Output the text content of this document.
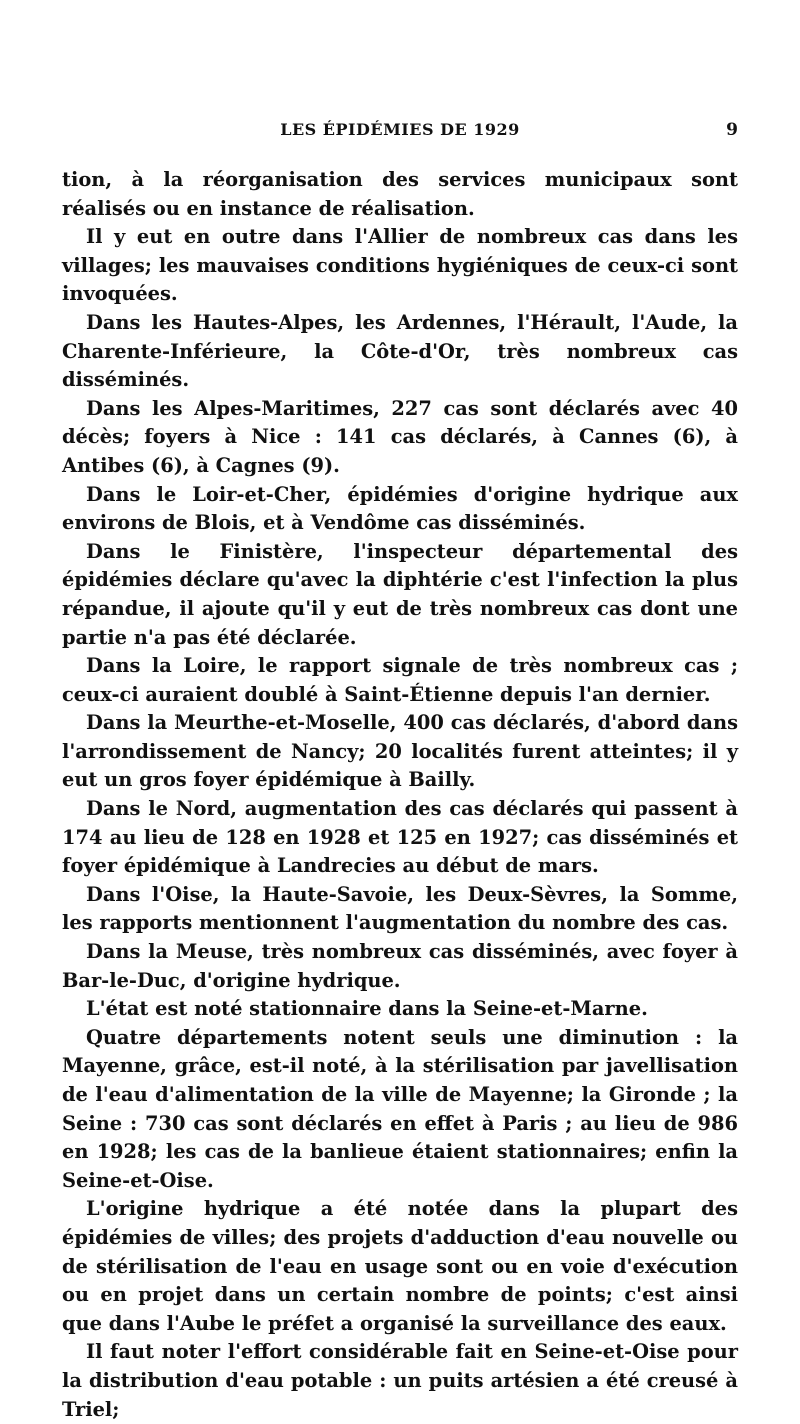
LES ÉPIDÉMIES DE 1929	9

tion, à la réorganisation des services municipaux sont réalisés ou en instance de réalisation.

Il y eut en outre dans l'Allier de nombreux cas dans les villages; les mauvaises conditions hygiéniques de ceux-ci sont invoquées.

Dans les Hautes-Alpes, les Ardennes, l'Hérault, l'Aude, la Charente-Inférieure, la Côte-d'Or, très nombreux cas disséminés.

Dans les Alpes-Maritimes, 227 cas sont déclarés avec 40 décès; foyers à Nice : 141 cas déclarés, à Cannes (6), à Antibes (6), à Cagnes (9).

Dans le Loir-et-Cher, épidémies d'origine hydrique aux environs de Blois, et à Vendôme cas disséminés.

Dans le Finistère, l'inspecteur départemental des épidémies déclare qu'avec la diphtérie c'est l'infection la plus répandue, il ajoute qu'il y eut de très nombreux cas dont une partie n'a pas été déclarée.

Dans la Loire, le rapport signale de très nombreux cas ; ceux-ci auraient doublé à Saint-Étienne depuis l'an dernier.

Dans la Meurthe-et-Moselle, 400 cas déclarés, d'abord dans l'arrondissement de Nancy; 20 localités furent atteintes; il y eut un gros foyer épidémique à Bailly.

Dans le Nord, augmentation des cas déclarés qui passent à 174 au lieu de 128 en 1928 et 125 en 1927; cas disséminés et foyer épidémique à Landrecies au début de mars.

Dans l'Oise, la Haute-Savoie, les Deux-Sèvres, la Somme, les rapports mentionnent l'augmentation du nombre des cas.

Dans la Meuse, très nombreux cas disséminés, avec foyer à Bar-le-Duc, d'origine hydrique.

L'état est noté stationnaire dans la Seine-et-Marne.

Quatre départements notent seuls une diminution : la Mayenne, grâce, est-il noté, à la stérilisation par javellisation de l'eau d'alimentation de la ville de Mayenne; la Gironde ; la Seine : 730 cas sont déclarés en effet à Paris ; au lieu de 986 en 1928; les cas de la banlieue étaient stationnaires; enfin la Seine-et-Oise.

L'origine hydrique a été notée dans la plupart des épidémies de villes; des projets d'adduction d'eau nouvelle ou de stérilisation de l'eau en usage sont ou en voie d'exécution ou en projet dans un certain nombre de points; c'est ainsi que dans l'Aube le préfet a organisé la surveillance des eaux.

Il faut noter l'effort considérable fait en Seine-et-Oise pour la distribution d'eau potable : un puits artésien a été creusé à Triel;
